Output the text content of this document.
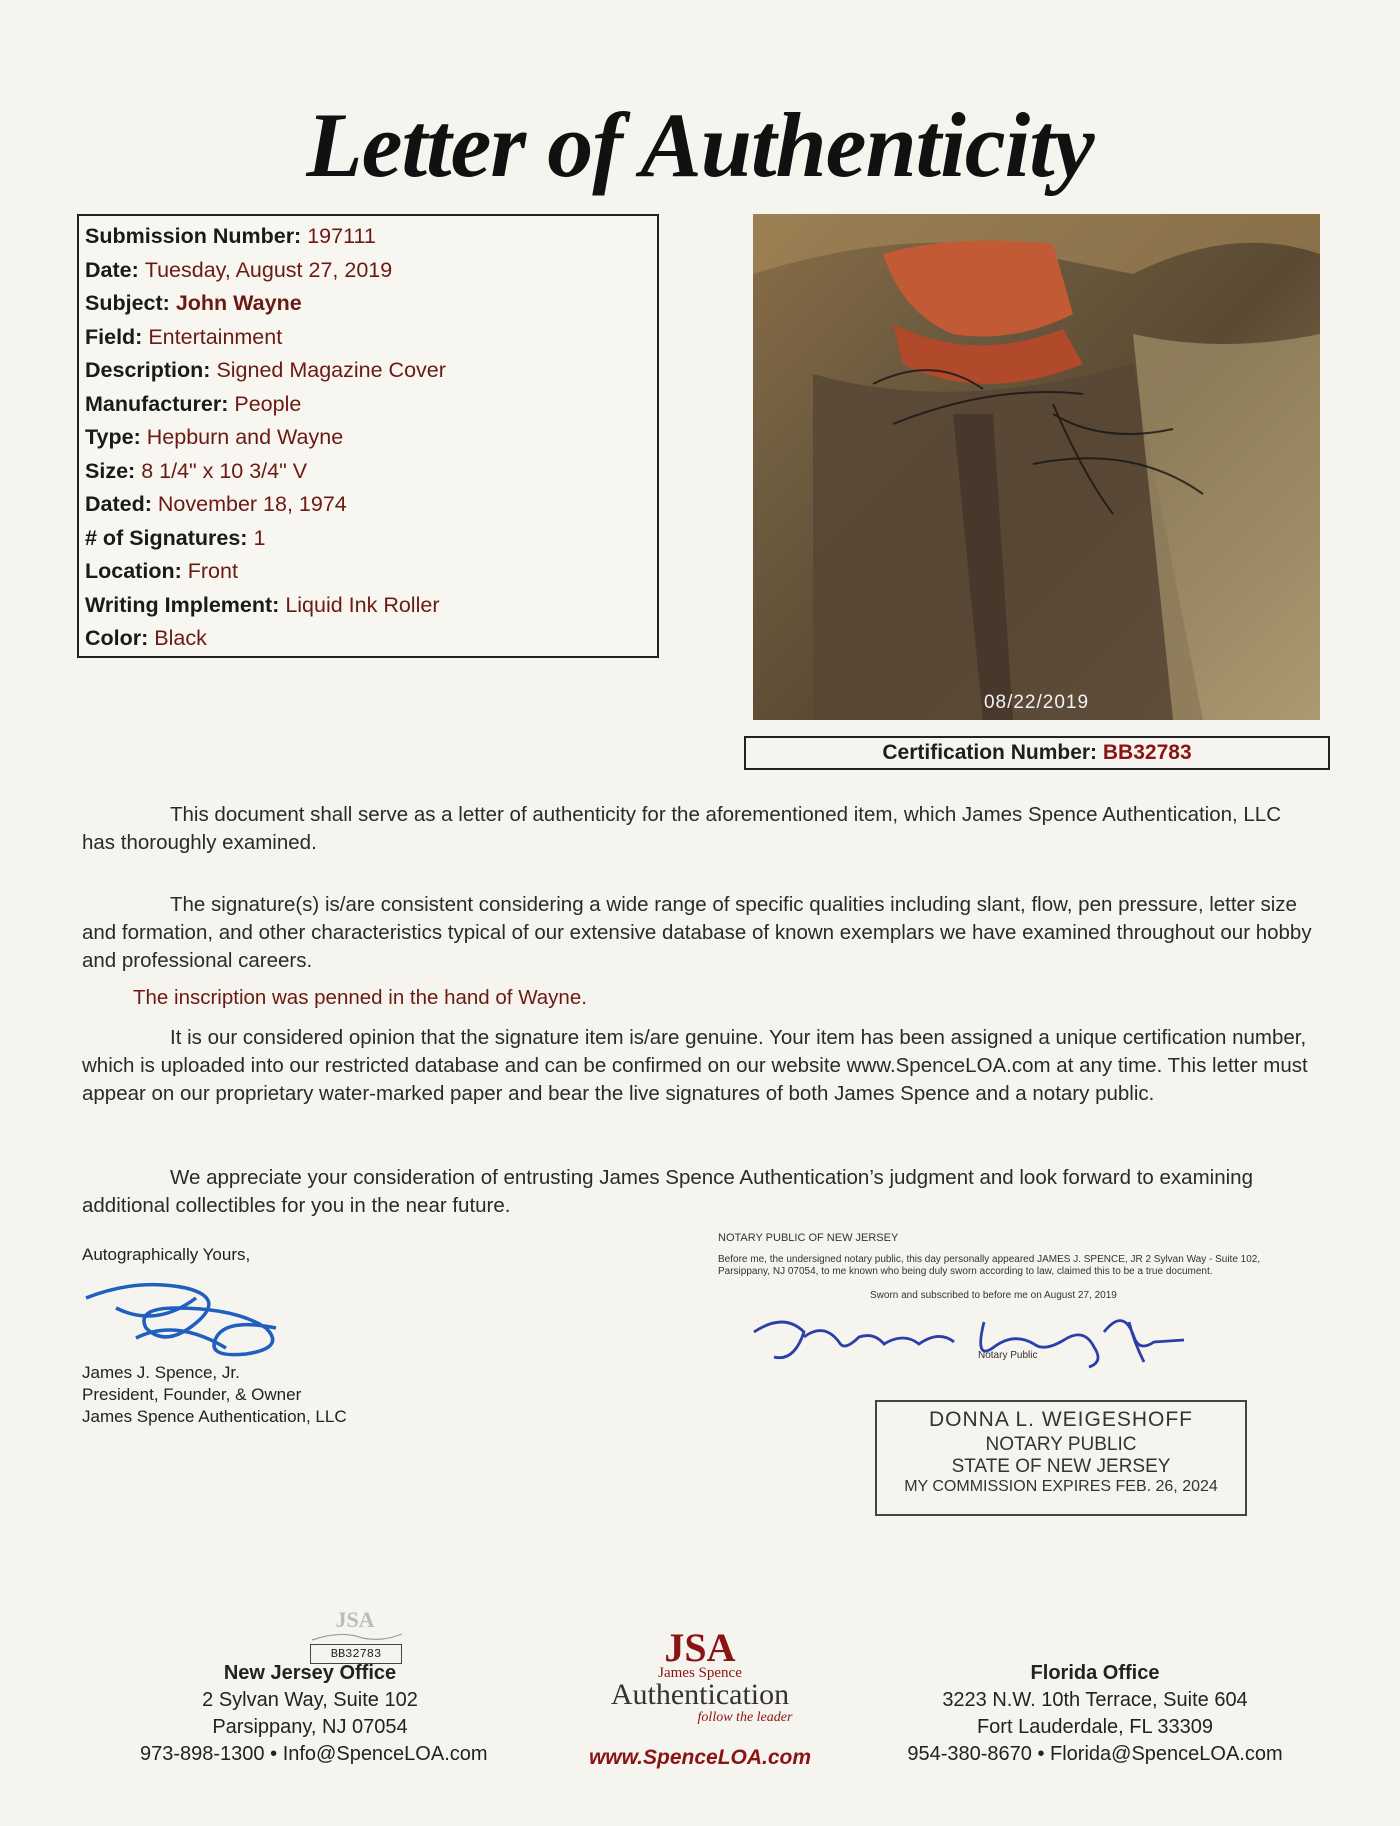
Letter of Authenticity
Submission Number: 197111
Date: Tuesday, August 27, 2019
Subject: John Wayne
Field: Entertainment
Description: Signed Magazine Cover
Manufacturer: People
Type: Hepburn and Wayne
Size: 8 1/4" x 10 3/4" V
Dated: November 18, 1974
# of Signatures: 1
Location: Front
Writing Implement: Liquid Ink Roller
Color: Black
08/22/2019
Certification Number: BB32783
This document shall serve as a letter of authenticity for the aforementioned item, which James Spence Authentication, LLC has thoroughly examined.
The signature(s) is/are consistent considering a wide range of specific qualities including slant, flow, pen pressure, letter size and formation, and other characteristics typical of our extensive database of known exemplars we have examined throughout our hobby and professional careers.
The inscription was penned in the hand of Wayne.
It is our considered opinion that the signature item is/are genuine. Your item has been assigned a unique certification number, which is uploaded into our restricted database and can be confirmed on our website www.SpenceLOA.com at any time. This letter must appear on our proprietary water-marked paper and bear the live signatures of both James Spence and a notary public.
We appreciate your consideration of entrusting James Spence Authentication’s judgment and look forward to examining additional collectibles for you in the near future.
Autographically Yours,
James J. Spence, Jr.
President, Founder, & Owner
James Spence Authentication, LLC
NOTARY PUBLIC OF NEW JERSEY
Before me, the undersigned notary public, this day personally appeared JAMES J. SPENCE, JR 2 Sylvan Way - Suite 102, Parsippany, NJ 07054, to me known who being duly sworn according to law, claimed this to be a true document.
Sworn and subscribed to before me on August 27, 2019
Notary Public
DONNA L. WEIGESHOFF
NOTARY PUBLIC
STATE OF NEW JERSEY
MY COMMISSION EXPIRES FEB. 26, 2024
JSA
BB32783
New Jersey Office
2 Sylvan Way, Suite 102
Parsippany, NJ 07054
973-898-1300 • Info@SpenceLOA.com
JSA
James Spence
Authentication
follow the leader
www.SpenceLOA.com
Florida Office
3223 N.W. 10th Terrace, Suite 604
Fort Lauderdale, FL 33309
954-380-8670 • Florida@SpenceLOA.com
